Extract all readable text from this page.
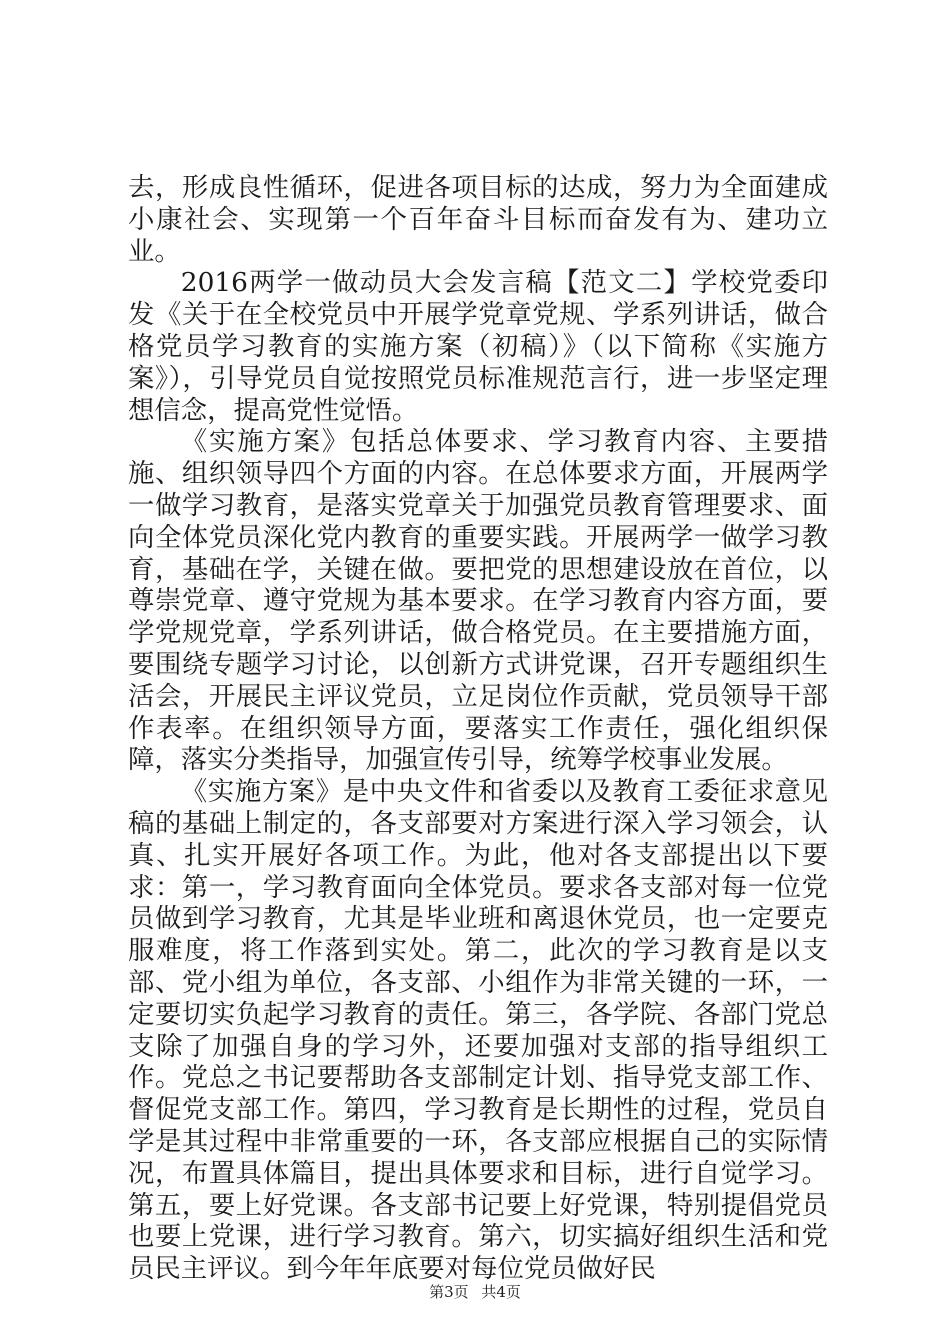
去，形成良性循环，促进各项目标的达成，努力为全面建成小康社会、实现第一个百年奋斗目标而奋发有为、建功立业。

2016两学一做动员大会发言稿【范文二】学校党委印发《关于在全校党员中开展学党章党规、学系列讲话，做合格党员学习教育的实施方案（初稿）》（以下简称《实施方案》），引导党员自觉按照党员标准规范言行，进一步坚定理想信念，提高党性觉悟。

《实施方案》包括总体要求、学习教育内容、主要措施、组织领导四个方面的内容。在总体要求方面，开展两学一做学习教育，是落实党章关于加强党员教育管理要求、面向全体党员深化党内教育的重要实践。开展两学一做学习教育，基础在学，关键在做。要把党的思想建设放在首位，以尊崇党章、遵守党规为基本要求。在学习教育内容方面，要学党规党章，学系列讲话，做合格党员。在主要措施方面，要围绕专题学习讨论，以创新方式讲党课，召开专题组织生活会，开展民主评议党员，立足岗位作贡献，党员领导干部作表率。在组织领导方面，要落实工作责任，强化组织保障，落实分类指导，加强宣传引导，统筹学校事业发展。

《实施方案》是中央文件和省委以及教育工委征求意见稿的基础上制定的，各支部要对方案进行深入学习领会，认真、扎实开展好各项工作。为此，他对各支部提出以下要求：第一，学习教育面向全体党员。要求各支部对每一位党员做到学习教育，尤其是毕业班和离退休党员，也一定要克服难度，将工作落到实处。第二，此次的学习教育是以支部、党小组为单位，各支部、小组作为非常关键的一环，一定要切实负起学习教育的责任。第三，各学院、各部门党总支除了加强自身的学习外，还要加强对支部的指导组织工作。党总之书记要帮助各支部制定计划、指导党支部工作、督促党支部工作。第四，学习教育是长期性的过程，党员自学是其过程中非常重要的一环，各支部应根据自己的实际情况，布置具体篇目，提出具体要求和目标，进行自觉学习。第五，要上好党课。各支部书记要上好党课，特别提倡党员也要上党课，进行学习教育。第六，切实搞好组织生活和党员民主评议。到今年年底要对每位党员做好民

第3页 共4页
